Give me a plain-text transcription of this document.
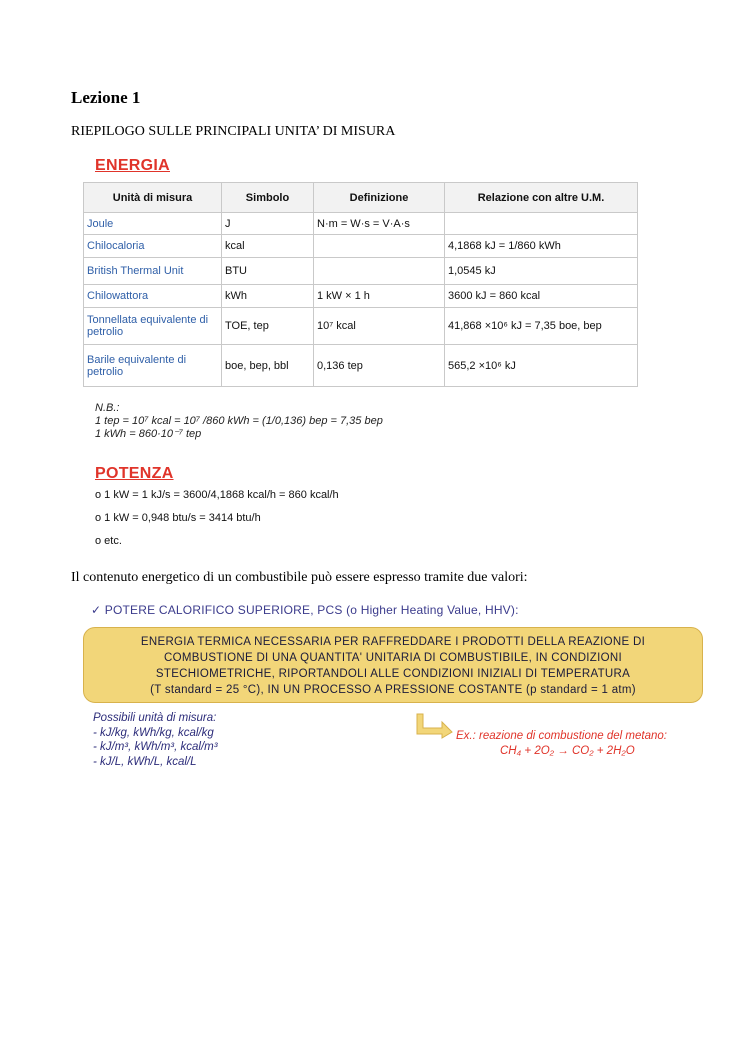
Lezione 1
RIEPILOGO SULLE PRINCIPALI UNITA’ DI MISURA
ENERGIA
Unità di misura	Simbolo	Definizione	Relazione con altre U.M.
Joule	J	N·m = W·s = V·A·s	
Chilocaloria	kcal		4,1868 kJ = 1/860 kWh
British Thermal Unit	BTU		1,0545 kJ
Chilowattora	kWh	1 kW × 1 h	3600 kJ = 860 kcal
Tonnellata equivalente di petrolio	TOE, tep	10⁷ kcal	41,868 ×10⁶ kJ = 7,35 boe, bep
Barile equivalente di petrolio	boe, bep, bbl	0,136 tep	565,2 ×10⁶ kJ
N.B.:
1 tep = 10⁷ kcal = 10⁷ /860 kWh = (1/0,136) bep = 7,35 bep
1 kWh = 860·10⁻⁷ tep
POTENZA
o 1 kW = 1 kJ/s = 3600/4,1868 kcal/h = 860 kcal/h
o 1 kW = 0,948 btu/s = 3414 btu/h
o etc.
Il contenuto energetico di un combustibile può essere espresso tramite due valori:
✓ POTERE CALORIFICO SUPERIORE, PCS (o Higher Heating Value, HHV):
ENERGIA TERMICA NECESSARIA PER RAFFREDDARE I PRODOTTI DELLA REAZIONE DI
COMBUSTIONE DI UNA QUANTITA' UNITARIA DI COMBUSTIBILE, IN CONDIZIONI
STECHIOMETRICHE, RIPORTANDOLI ALLE CONDIZIONI INIZIALI DI TEMPERATURA
(T standard = 25 °C), IN UN PROCESSO A PRESSIONE COSTANTE (p standard = 1 atm)
Possibili unità di misura:
- kJ/kg, kWh/kg, kcal/kg
- kJ/m³, kWh/m³, kcal/m³
- kJ/L, kWh/L, kcal/L
Ex.: reazione di combustione del metano:
CH₄ + 2O₂ → CO₂ + 2H₂O
